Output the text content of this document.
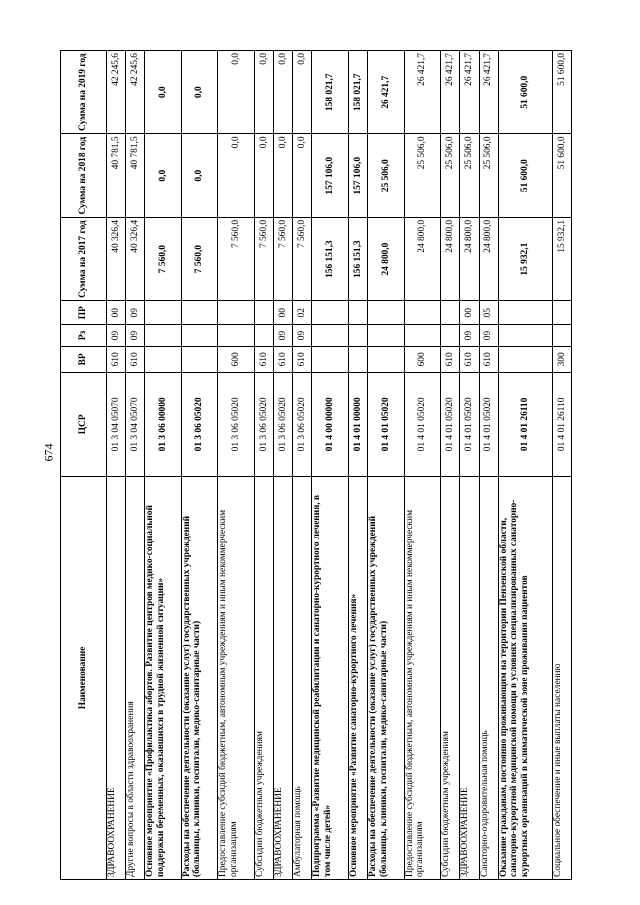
674
Наименование	ЦСР	ВР	Рз	ПР	Сумма на 2017 год	Сумма на 2018 год	Сумма на 2019 год
ЗДРАВООХРАНЕНИЕ	01 3 04 05070	610	09	00	40 326,4	40 781,5	42 245,6
Другие вопросы в области здравоохранения	01 3 04 05070	610	09	09	40 326,4	40 781,5	42 245,6
Основное мероприятие «Профилактика абортов. Развитие центров медико-социальной поддержки беременных, оказавшихся в трудной жизненной ситуации»	01 3 06 00000				7 560,0	0,0	0,0
Расходы на обеспечение деятельности (оказание услуг) государственных учреждений (больницы, клиники, госпитали, медико-санитарные части)	01 3 06 05020				7 560,0	0,0	0,0
Предоставление субсидий бюджетным, автономным учреждениям и иным некоммерческим организациям	01 3 06 05020	600			7 560,0	0,0	0,0
Субсидии бюджетным учреждениям	01 3 06 05020	610			7 560,0	0,0	0,0
ЗДРАВООХРАНЕНИЕ	01 3 06 05020	610	09	00	7 560,0	0,0	0,0
Амбулаторная помощь	01 3 06 05020	610	09	02	7 560,0	0,0	0,0
Подпрограмма «Развитие медицинской реабилитации и санаторно-курортного лечения, в том числе детей»	01 4 00 00000				156 151,3	157 106,0	158 021,7
Основное мероприятие «Развитие санаторно-курортного лечения»	01 4 01 00000				156 151,3	157 106,0	158 021,7
Расходы на обеспечение деятельности (оказание услуг) государственных учреждений (больницы, клиники, госпитали, медико-санитарные части)	01 4 01 05020				24 800,0	25 506,0	26 421,7
Предоставление субсидий бюджетным, автономным учреждениям и иным некоммерческим организациям	01 4 01 05020	600			24 800,0	25 506,0	26 421,7
Субсидии бюджетным учреждениям	01 4 01 05020	610			24 800,0	25 506,0	26 421,7
ЗДРАВООХРАНЕНИЕ	01 4 01 05020	610	09	00	24 800,0	25 506,0	26 421,7
Санаторно-оздоровительная помощь	01 4 01 05020	610	09	05	24 800,0	25 506,0	26 421,7
Оказание гражданам, постоянно проживающим на территории Пензенской области, санаторно-курортной медицинской помощи в условиях специализированных санаторно-курортных организаций в климатической зоне проживания пациентов	01 4 01 26110				15 932,1	51 600,0	51 600,0
Социальное обеспечение и иные выплаты населению	01 4 01 26110	300			15 932,1	51 600,0	51 600,0
